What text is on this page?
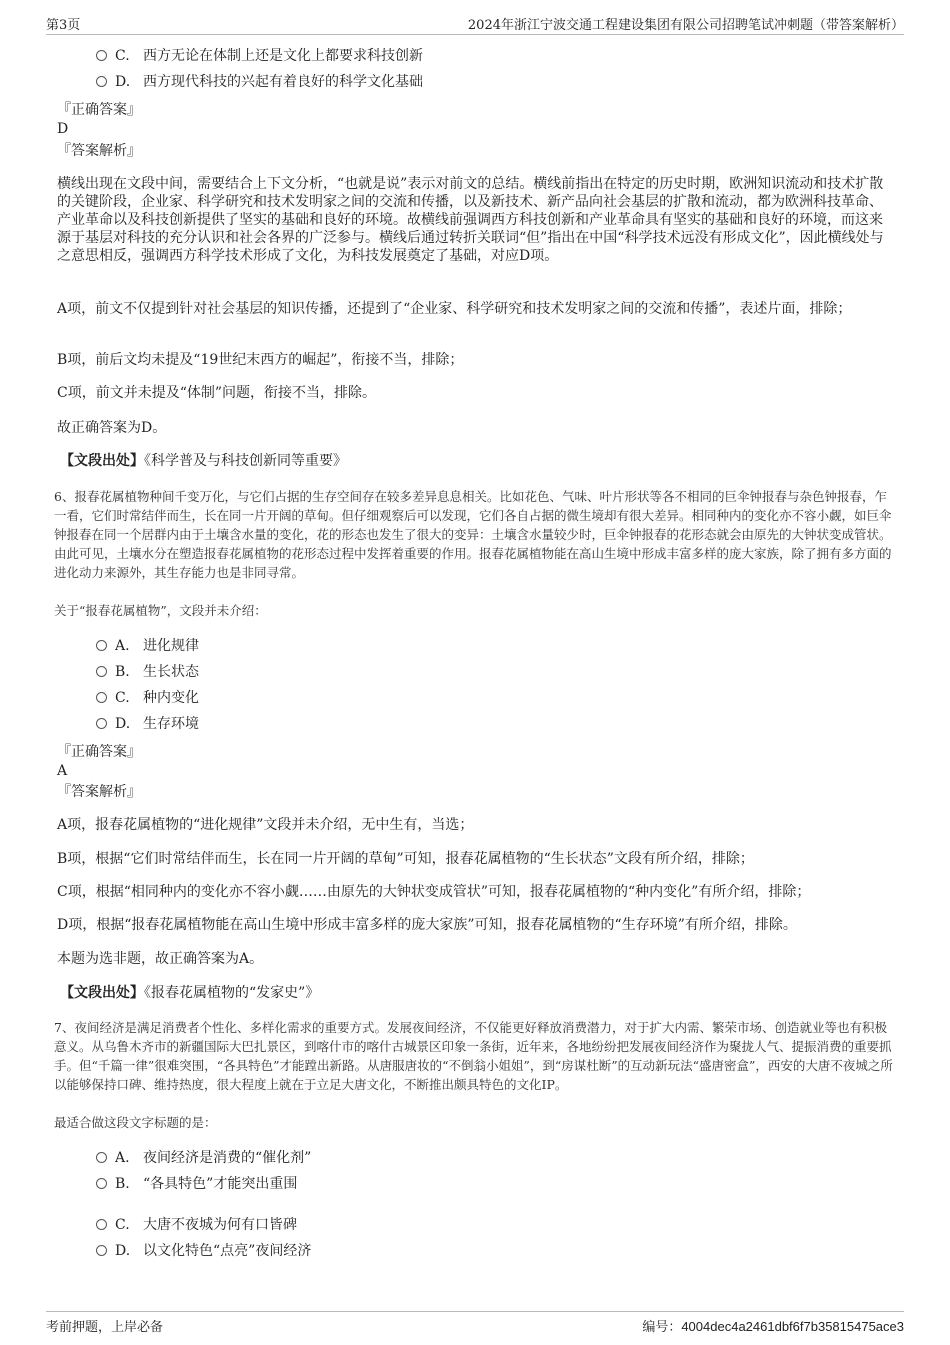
第3页	2024年浙江宁波交通工程建设集团有限公司招聘笔试冲刺题（带答案解析）
C. 西方无论在体制上还是文化上都要求科技创新
D. 西方现代科技的兴起有着良好的科学文化基础
『正确答案』
D
『答案解析』
横线出现在文段中间，需要结合上下文分析，“也就是说”表示对前文的总结。横线前指出在特定的历史时期，欧洲知识流动和技术扩散的关键阶段，企业家、科学研究和技术发明家之间的交流和传播，以及新技术、新产品向社会基层的扩散和流动，都为欧洲科技革命、产业革命以及科技创新提供了坚实的基础和良好的环境。故横线前强调西方科技创新和产业革命具有坚实的基础和良好的环境，而这来源于基层对科技的充分认识和社会各界的广泛参与。横线后通过转折关联词“但”指出在中国“科学技术远没有形成文化”，因此横线处与之意思相反，强调西方科学技术形成了文化，为科技发展奠定了基础，对应D项。
A项，前文不仅提到针对社会基层的知识传播，还提到了“企业家、科学研究和技术发明家之间的交流和传播”，表述片面，排除；
B项，前后文均未提及“19世纪末西方的崛起”，衔接不当，排除；
C项，前文并未提及“体制”问题，衔接不当，排除。
故正确答案为D。
【文段出处】《科学普及与科技创新同等重要》
6、报春花属植物种间千变万化，与它们占据的生存空间存在较多差异息息相关。比如花色、气味、叶片形状等各不相同的巨伞钟报春与杂色钟报春，乍一看，它们时常结伴而生，长在同一片开阔的草甸。但仔细观察后可以发现，它们各自占据的微生境却有很大差异。相同种内的变化亦不容小觑，如巨伞钟报春在同一个居群内由于土壤含水量的变化，花的形态也发生了很大的变异：土壤含水量较少时，巨伞钟报春的花形态就会由原先的大钟状变成管状。由此可见，土壤水分在塑造报春花属植物的花形态过程中发挥着重要的作用。报春花属植物能在高山生境中形成丰富多样的庞大家族，除了拥有多方面的进化动力来源外，其生存能力也是非同寻常。
关于“报春花属植物”，文段并未介绍：
A. 进化规律
B. 生长状态
C. 种内变化
D. 生存环境
『正确答案』
A
『答案解析』
A项，报春花属植物的“进化规律”文段并未介绍，无中生有，当选；
B项，根据“它们时常结伴而生，长在同一片开阔的草甸”可知，报春花属植物的“生长状态”文段有所介绍，排除；
C项，根据“相同种内的变化亦不容小觑……由原先的大钟状变成管状”可知，报春花属植物的“种内变化”有所介绍，排除；
D项，根据“报春花属植物能在高山生境中形成丰富多样的庞大家族”可知，报春花属植物的“生存环境”有所介绍，排除。
本题为选非题，故正确答案为A。
【文段出处】《报春花属植物的“发家史”》
7、夜间经济是满足消费者个性化、多样化需求的重要方式。发展夜间经济，不仅能更好释放消费潜力，对于扩大内需、繁荣市场、创造就业等也有积极意义。从乌鲁木齐市的新疆国际大巴扎景区，到喀什市的喀什古城景区印象一条街，近年来，各地纷纷把发展夜间经济作为聚拢人气、提振消费的重要抓手。但“千篇一律”很难突围，“各具特色”才能蹚出新路。从唐服唐妆的“不倒翁小姐姐”，到“房谋杜断”的互动新玩法“盛唐密盒”，西安的大唐不夜城之所以能够保持口碑、维持热度，很大程度上就在于立足大唐文化，不断推出颇具特色的文化IP。
最适合做这段文字标题的是：
A. 夜间经济是消费的“催化剂”
B. “各具特色”才能突出重围
C. 大唐不夜城为何有口皆碑
D. 以文化特色“点亮”夜间经济
考前押题，上岸必备	编号：4004dec4a2461dbf6f7b35815475ace3
